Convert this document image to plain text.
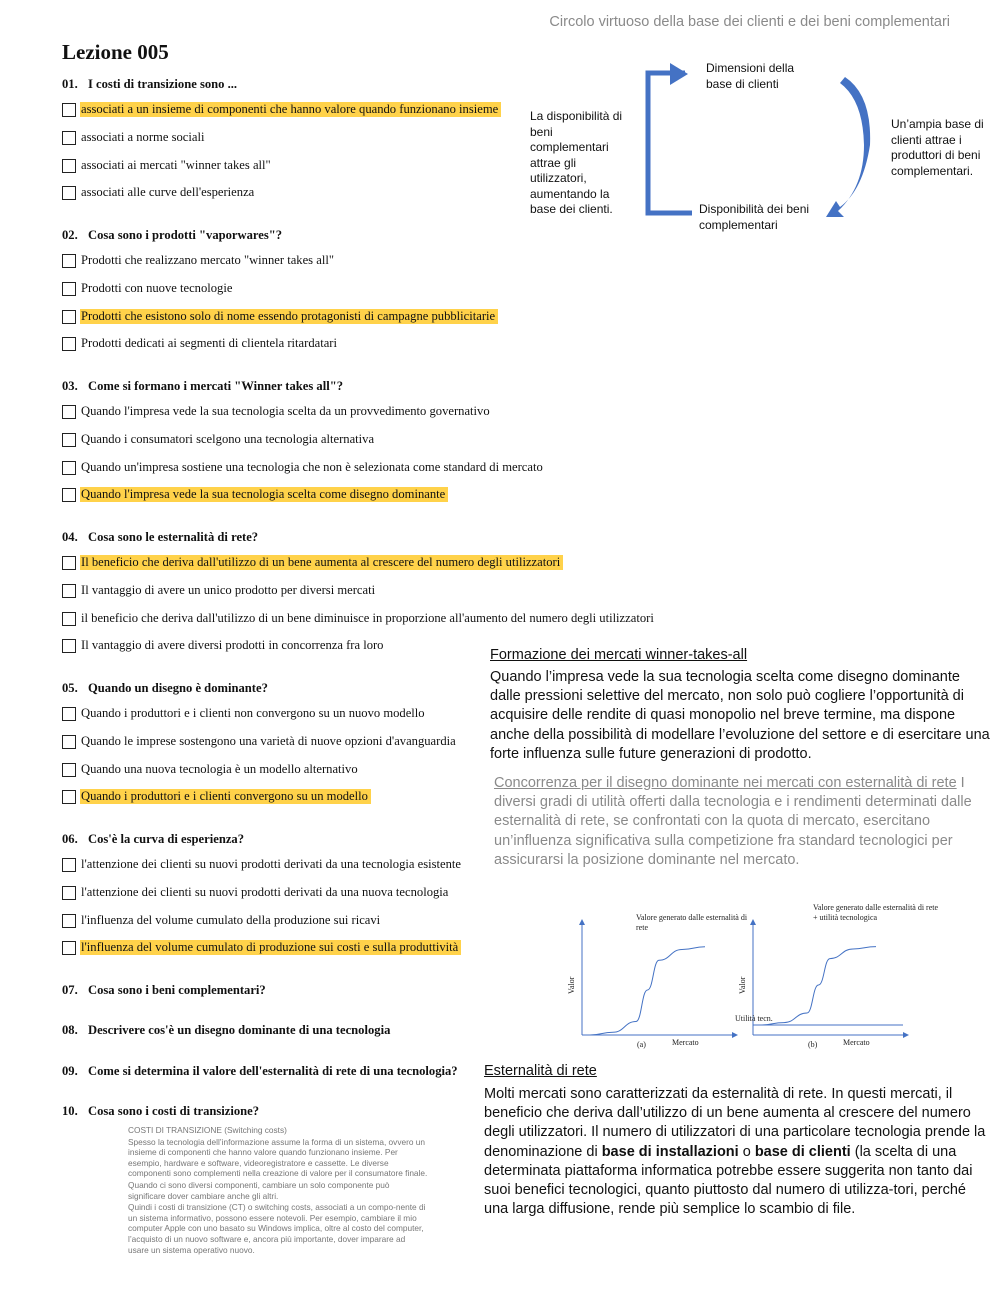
Circolo virtuoso della base dei clienti e dei beni complementari
Lezione 005
01. I costi di transizione sono ...
associati a un insieme di componenti che hanno valore quando funzionano insieme
associati a norme sociali
associati ai mercati "winner takes all"
associati alle curve dell'esperienza
02. Cosa sono i prodotti "vaporwares"?
Prodotti che realizzano mercato "winner takes all"
Prodotti con nuove tecnologie
Prodotti che esistono solo di nome essendo protagonisti di campagne pubblicitarie
Prodotti dedicati ai segmenti di clientela ritardatari
03. Come si formano i mercati "Winner takes all"?
Quando l'impresa vede la sua tecnologia scelta da un provvedimento governativo
Quando i consumatori scelgono una tecnologia alternativa
Quando un'impresa sostiene una tecnologia che non è selezionata come standard di mercato
Quando l'impresa vede la sua tecnologia scelta come disegno dominante
04. Cosa sono le esternalità di rete?
Il beneficio che deriva dall'utilizzo di un bene aumenta al crescere del numero degli utilizzatori
Il vantaggio di avere un unico prodotto per diversi mercati
il beneficio che deriva dall'utilizzo di un bene diminuisce in proporzione all'aumento del numero degli utilizzatori
Il vantaggio di avere diversi prodotti in concorrenza fra loro
05. Quando un disegno è dominante?
Quando i produttori e i clienti non convergono su un nuovo modello
Quando le imprese sostengono una varietà di nuove opzioni d'avanguardia
Quando una nuova tecnologia è un modello alternativo
Quando i produttori e i clienti convergono su un modello
06. Cos'è la curva di esperienza?
l'attenzione dei clienti su nuovi prodotti derivati da una tecnologia esistente
l'attenzione dei clienti su nuovi prodotti derivati da una nuova tecnologia
l'influenza del volume cumulato della produzione sui ricavi
l'influenza del volume cumulato di produzione sui costi e sulla produttività
07. Cosa sono i beni complementari?
08. Descrivere cos'è un disegno dominante di una tecnologia
09. Come si determina il valore dell'esternalità di rete di una tecnologia?
10. Cosa sono i costi di transizione?
Dimensioni della base di clienti
La disponibilità di beni complementari attrae gli utilizzatori, aumentando la base dei clienti.
Un’ampia base di clienti attrae i produttori di beni complementari.
Disponibilità dei beni complementari
Formazione dei mercati winner-takes-all
Quando l’impresa vede la sua tecnologia scelta come disegno dominante dalle pressioni selettive del mercato, non solo può cogliere l’opportunità di acquisire delle rendite di quasi monopolio nel breve termine, ma dispone anche della possibilità di modellare l’evoluzione del settore e di esercitare una forte influenza sulle future generazioni di prodotto.
Concorrenza per il disegno dominante nei mercati con esternalità di rete I diversi gradi di utilità offerti dalla tecnologia e i rendimenti determinati dalle esternalità di rete, se confrontati con la quota di mercato, esercitano un’influenza significativa sulla competizione fra standard tecnologici per assicurarsi la posizione dominante nel mercato.
Valor
Mercato
(a)
Valore generato dalle esternalità di
rete
Utilità tecn.
Valor
Mercato
(b)
Valore generato dalle esternalità di rete
+ utilità tecnologica
Esternalità di rete
Molti mercati sono caratterizzati da esternalità di rete. In questi mercati, il beneficio che deriva dall’utilizzo di un bene aumenta al crescere del numero degli utilizzatori. Il numero di utilizzatori di una particolare tecnologia prende la denominazione di base di installazioni o base di clienti (la scelta di una determinata piattaforma informatica potrebbe essere suggerita non tanto dai suoi benefici tecnologici, quanto piuttosto dal numero di utilizza-tori, perché una larga diffusione, rende più semplice lo scambio di file.

COSTI DI TRANSIZIONE (Switching costs)

Spesso la tecnologia dell’informazione assume la forma di un sistema, ovvero un insieme di componenti che hanno valore quando funzionano insieme. Per esempio, hardware e software, videoregistratore e cassette. Le diverse componenti sono complementi nella creazione di valore per il consumatore finale.

Quando ci sono diversi componenti, cambiare un solo componente può significare dover cambiare anche gli altri.

Quindi i costi di transizione (CT) o switching costs, associati a un compo-nente di un sistema informativo, possono essere notevoli. Per esempio, cambiare il mio computer Apple con uno basato su Windows implica, oltre al costo del computer, l’acquisto di un nuovo software e, ancora più importante, dover imparare ad usare un sistema operativo nuovo.
